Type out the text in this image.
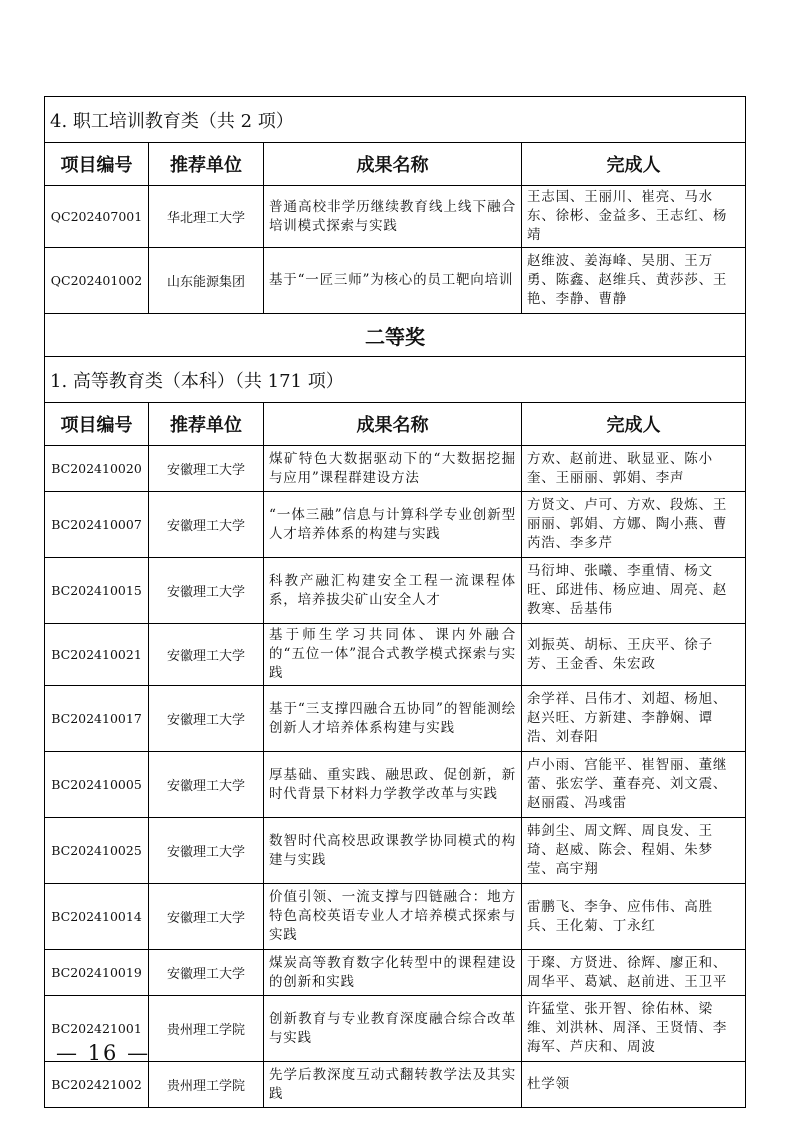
4. 职工培训教育类（共 2 项）			
项目编号	推荐单位	成果名称	完成人
QC202407001	华北理工大学	普通高校非学历继续教育线上线下融合培训模式探索与实践	王志国、王丽川、崔亮、马水东、徐彬、金益多、王志红、杨靖
QC202401002	山东能源集团	基于“一匠三师”为核心的员工靶向培训	赵维波、姜海峰、吴朋、王万勇、陈鑫、赵维兵、黄莎莎、王艳、李静、曹静
二等奖			
1. 高等教育类（本科）（共 171 项）			
项目编号	推荐单位	成果名称	完成人
BC202410020	安徽理工大学	煤矿特色大数据驱动下的“大数据挖掘与应用”课程群建设方法	方欢、赵前进、耿显亚、陈小奎、王丽丽、郭娟、李声
BC202410007	安徽理工大学	“一体三融”信息与计算科学专业创新型人才培养体系的构建与实践	方贤文、卢可、方欢、段炼、王丽丽、郭娟、方娜、陶小燕、曹芮浩、李多芹
BC202410015	安徽理工大学	科教产融汇构建安全工程一流课程体系，培养拔尖矿山安全人才	马衍坤、张曦、李重情、杨文旺、邱进伟、杨应迪、周亮、赵教寒、岳基伟
BC202410021	安徽理工大学	基于师生学习共同体、课内外融合的“五位一体”混合式教学模式探索与实践	刘振英、胡标、王庆平、徐子芳、王金香、朱宏政
BC202410017	安徽理工大学	基于“三支撑四融合五协同”的智能测绘创新人才培养体系构建与实践	余学祥、吕伟才、刘超、杨旭、赵兴旺、方新建、李静娴、谭浩、刘春阳
BC202410005	安徽理工大学	厚基础、重实践、融思政、促创新，新时代背景下材料力学教学改革与实践	卢小雨、宫能平、崔智丽、董继蕾、张宏学、董春亮、刘文震、赵丽霞、冯彧雷
BC202410025	安徽理工大学	数智时代高校思政课教学协同模式的构建与实践	韩剑尘、周文辉、周良发、王琦、赵威、陈会、程娟、朱梦莹、高宇翔
BC202410014	安徽理工大学	价值引领、一流支撑与四链融合：地方特色高校英语专业人才培养模式探索与实践	雷鹏飞、李争、应伟伟、高胜兵、王化菊、丁永红
BC202410019	安徽理工大学	煤炭高等教育数字化转型中的课程建设的创新和实践	于璨、方贤进、徐辉、廖正和、周华平、葛斌、赵前进、王卫平
BC202421001	贵州理工学院	创新教育与专业教育深度融合综合改革与实践	许猛堂、张开智、徐佑林、梁维、刘洪林、周泽、王贤情、李海军、芦庆和、周波
BC202421002	贵州理工学院	先学后教深度互动式翻转教学法及其实践	杜学领
— 16 —
